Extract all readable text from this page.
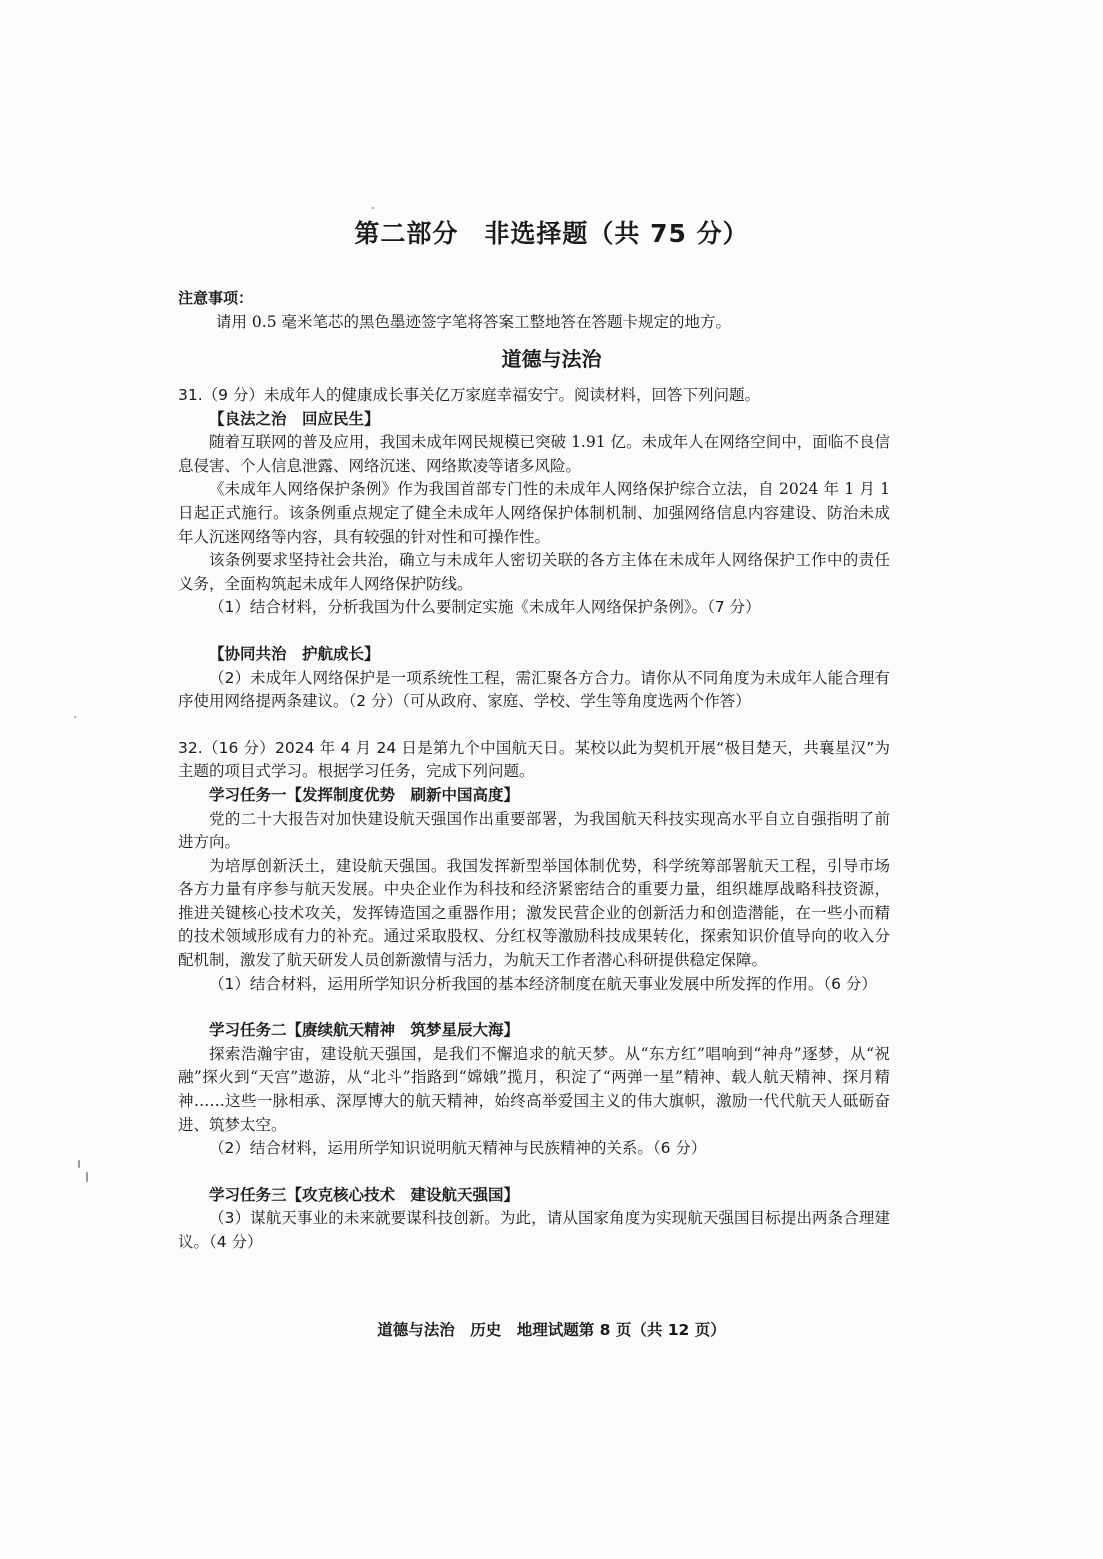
第二部分　非选择题（共 75 分）
注意事项：
请用 0.5 毫米笔芯的黑色墨迹签字笔将答案工整地答在答题卡规定的地方。
道德与法治

31.（9 分）未成年人的健康成长事关亿万家庭幸福安宁。阅读材料，回答下列问题。

【良法之治　回应民生】

随着互联网的普及应用，我国未成年网民规模已突破 1.91 亿。未成年人在网络空间中，面临不良信息侵害、个人信息泄露、网络沉迷、网络欺凌等诸多风险。

《未成年人网络保护条例》作为我国首部专门性的未成年人网络保护综合立法，自 2024 年 1 月 1 日起正式施行。该条例重点规定了健全未成年人网络保护体制机制、加强网络信息内容建设、防治未成年人沉迷网络等内容，具有较强的针对性和可操作性。

该条例要求坚持社会共治，确立与未成年人密切关联的各方主体在未成年人网络保护工作中的责任义务，全面构筑起未成年人网络保护防线。

（1）结合材料，分析我国为什么要制定实施《未成年人网络保护条例》。（7 分）

【协同共治　护航成长】

（2）未成年人网络保护是一项系统性工程，需汇聚各方合力。请你从不同角度为未成年人能合理有序使用网络提两条建议。（2 分）（可从政府、家庭、学校、学生等角度选两个作答）

32.（16 分）2024 年 4 月 24 日是第九个中国航天日。某校以此为契机开展“极目楚天，共襄星汉”为主题的项目式学习。根据学习任务，完成下列问题。

学习任务一【发挥制度优势　刷新中国高度】

党的二十大报告对加快建设航天强国作出重要部署，为我国航天科技实现高水平自立自强指明了前进方向。

为培厚创新沃土，建设航天强国。我国发挥新型举国体制优势，科学统筹部署航天工程，引导市场各方力量有序参与航天发展。中央企业作为科技和经济紧密结合的重要力量，组织雄厚战略科技资源，推进关键核心技术攻关，发挥铸造国之重器作用；激发民营企业的创新活力和创造潜能，在一些小而精的技术领域形成有力的补充。通过采取股权、分红权等激励科技成果转化，探索知识价值导向的收入分配机制，激发了航天研发人员创新激情与活力，为航天工作者潜心科研提供稳定保障。

（1）结合材料，运用所学知识分析我国的基本经济制度在航天事业发展中所发挥的作用。（6 分）

学习任务二【赓续航天精神　筑梦星辰大海】

探索浩瀚宇宙，建设航天强国，是我们不懈追求的航天梦。从“东方红”唱响到“神舟”逐梦，从“祝融”探火到“天宫”遨游，从“北斗”指路到“嫦娥”揽月，积淀了“两弹一星”精神、载人航天精神、探月精神……这些一脉相承、深厚博大的航天精神，始终高举爱国主义的伟大旗帜，激励一代代航天人砥砺奋进、筑梦太空。

（2）结合材料，运用所学知识说明航天精神与民族精神的关系。（6 分）

学习任务三【攻克核心技术　建设航天强国】

（3）谋航天事业的未来就要谋科技创新。为此，请从国家角度为实现航天强国目标提出两条合理建议。（4 分）

道德与法治　历史　地理试题第 8 页（共 12 页）
